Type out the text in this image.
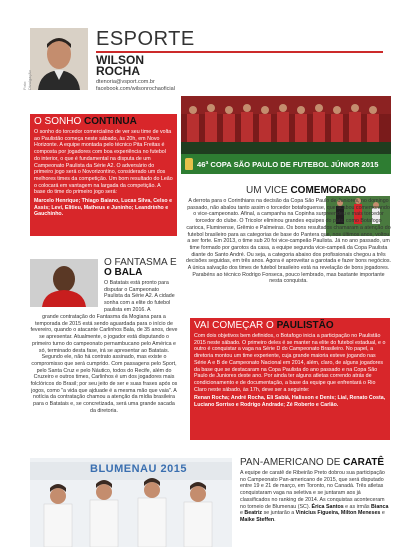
Foto: Divulgação
ESPORTE
WILSON
ROCHA
dtenoria@vsport.com.br
facebook.com/wilsonrochaoficial
O SONHO CONTINUA
O sonho do torcedor comercialino de ver seu time de volta ao Paulistão começa neste sábado, às 20h, em Novo Horizonte. A equipe montada pelo técnico Pita Freitas é composta por jogadores com boa experiência no futebol do interior, o que é fundamental na disputa de um Campeonato Paulista da Série A2. O adversário do primeiro jogo será o Novorizontino, considerado um dos melhores times da competição. Um bom resultado do Leão o colocará em vantagem na largada da competição. A base do time do primeiro jogo será:
Marcelo Henrique; Thiago Baiano, Lucas Silva, Celso e Assis; Leví, Elitieu, Matheus e Juninho; Leandrinho e Gauchinho.
46ª COPA SÃO PAULO DE FUTEBOL JÚNIOR 2015
UM VICE COMEMORADO
A derrota para o Corinthians na decisão da Copa São Paulo de Juniores, no domingo passado, não abalou tanto assim o torcedor botafoguense, que acabou comemorando o vice-campeonato. Afinal, a campanha na Copinha surpreendeu e mais torcedor torcedor do clube. O Tricolor eliminou grandes equipes do país, como Botafogo carioca, Fluminense, Grêmio e Palmeiras. Os bons resultados chamaram a atenção do futebol brasileiro para as categorias de base do Pantera que, nos últimos anos, voltou a ser forte. Em 2013, o time sub 20 foi vice-campeão Paulista. Já no ano passado, um time formado por garotos da casa, a equipe segunda vice-campeã da Copa Paulista diante do Santo André. Ou seja, a categoria abaixo dos profissionais chegou a três decisões seguidas, em três anos. Agora é aproveitar a garotada e fazer bons negócios. A única salvação dos times de futebol brasileiro está na revelação de bons jogadores. Parabéns ao técnico Rodrigo Fonseca, pouco lembrado, mas bastante importante nesta conquista.
O FANTASMA E
O BALA
O Batatais está pronto para disputar o Campeonato Paulista da Série A2. A cidade sonha com a elite do futebol paulista em 2016. A
grande contratação do Fantasma da Mogiana para a temporada de 2015 está sendo aguardada para o início de fevereiro, quando o atacante Carlinhos Bala, de 35 anos, deve se apresentar. Atualmente, o jogador está disputando o primeiro turno do campeonato pernambucano pelo América e só, terminado desta fase, irá se apresentar ao Batatais. Segundo ele, não há contrato assinado, mas existe o compromisso que será cumprido. Com passagens pelo Sport, pelo Santa Cruz e pelo Náutico, todos do Recife, além do Cruzeiro e outros times, Carlinhos é um dos jogadores mais folclóricos do Brasil; por seu jeito de ser e suas frases após os jogos, como "a vida que ajduade é a mesma mão que vaia". A notícia da contratação chamou a atenção da mídia brasileira para o Batatais e, se concretizada, será uma grande sacada da diretoria.
VAI COMEÇAR O PAULISTÃO
Com dois objetivos bem definidos, o Botafogo inicia a participação no Paulistão 2015 neste sábado. O primeiro deles é se manter na elite do futebol estadual, e o outro é conquistar a vaga na Série D do Campeonato Brasileiro. No papel, a diretoria montou um time experiente, cuja grande maioria esteve jogando nas Série A e B de Campeonato Nacional em 2014, além, claro, de alguns jogadores da base que se destacaram na Copa Paulista do ano passado e na Copa São Paulo de Juniores deste ano. Por ainda ter alguns atletas correndo atrás de condicionamento e de documentação, a base da equipe que enfrentará o Rio Claro neste sábado, às 17h, deve ser a seguinte:
Renan Rocha; André Rocha, Eli Sabiá, Halisson e Denis; Lial, Renato Costa, Luciano Sorriso e Rodrigo Andrade; Zé Roberto e Carlão.
BLUMENAU 2015
PAN-AMERICANO DE CARATÊ
A equipe de caratê de Ribeirão Preto dobrou sua participação no Campeonato Pan-americano de 2015, que será disputado entre 19 e 21 de março, em Toronto, no Canadá. Três atletas conquistaram vaga na seletiva e se juntaram aos já classificados no ranking de 2014. As conquistas aconteceram no torneio de Blumenau (SC). Érica Santos e as irmãs Bianca e Beatriz se juntarão a Vinicius Figueira, Milton Meneses e Maike Steffen.
